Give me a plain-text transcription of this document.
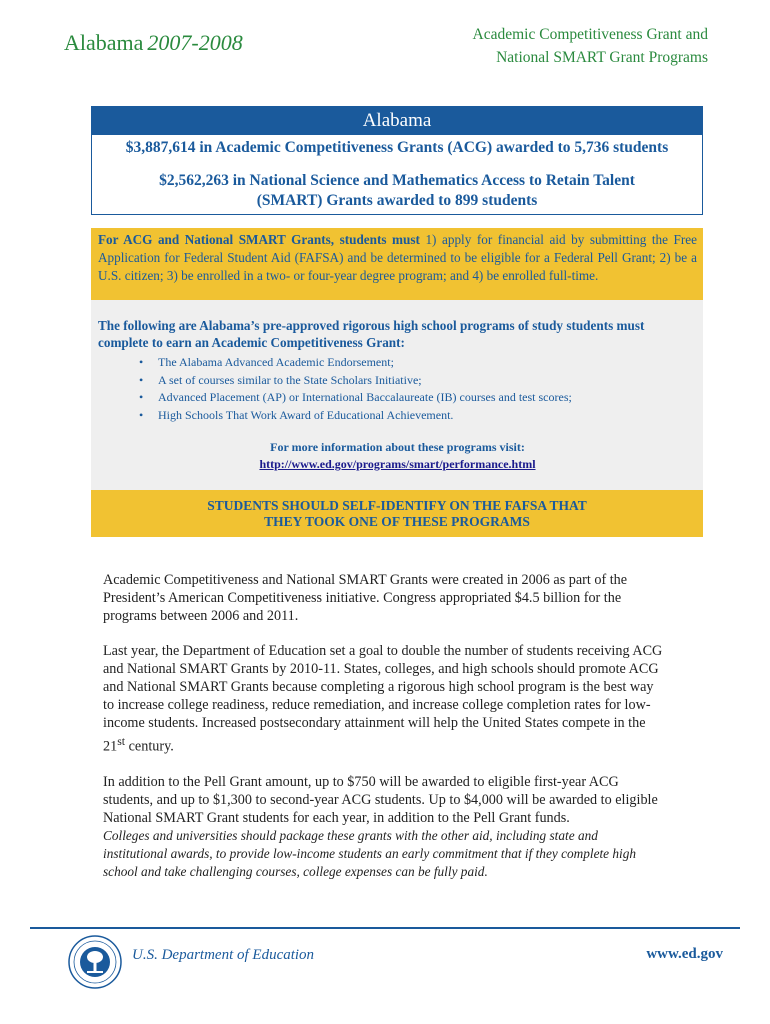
Alabama 2007-2008	Academic Competitiveness Grant and
National SMART Grant Programs
Alabama
$3,887,614 in Academic Competitiveness Grants (ACG) awarded to 5,736 students
$2,562,263 in National Science and Mathematics Access to Retain Talent
(SMART) Grants awarded to 899 students
For ACG and National SMART Grants, students must 1) apply for financial aid by submitting the Free Application for Federal Student Aid (FAFSA) and be determined to be eligible for a Federal Pell Grant; 2) be a U.S. citizen; 3) be enrolled in a two- or four-year degree program; and 4) be enrolled full-time.
The following are Alabama’s pre-approved rigorous high school programs of study students must complete to earn an Academic Competitiveness Grant:
• The Alabama Advanced Academic Endorsement;
• A set of courses similar to the State Scholars Initiative;
• Advanced Placement (AP) or International Baccalaureate (IB) courses and test scores;
• High Schools That Work Award of Educational Achievement.
For more information about these programs visit:
http://www.ed.gov/programs/smart/performance.html
STUDENTS SHOULD SELF-IDENTIFY ON THE FAFSA THAT
THEY TOOK ONE OF THESE PROGRAMS

Academic Competitiveness and National SMART Grants were created in 2006 as part of the President’s American Competitiveness initiative. Congress appropriated $4.5 billion for the programs between 2006 and 2011.

Last year, the Department of Education set a goal to double the number of students receiving ACG and National SMART Grants by 2010-11. States, colleges, and high schools should promote ACG and National SMART Grants because completing a rigorous high school program is the best way to increase college readiness, reduce remediation, and increase college completion rates for low-income students. Increased postsecondary attainment will help the United States compete in the 21st century.

In addition to the Pell Grant amount, up to $750 will be awarded to eligible first-year ACG students, and up to $1,300 to second-year ACG students. Up to $4,000 will be awarded to eligible National SMART Grant students for each year, in addition to the Pell Grant funds.
Colleges and universities should package these grants with the other aid, including state and institutional awards, to provide low-income students an early commitment that if they complete high school and take challenging courses, college expenses can be fully paid.

U.S. Department of Education	www.ed.gov
